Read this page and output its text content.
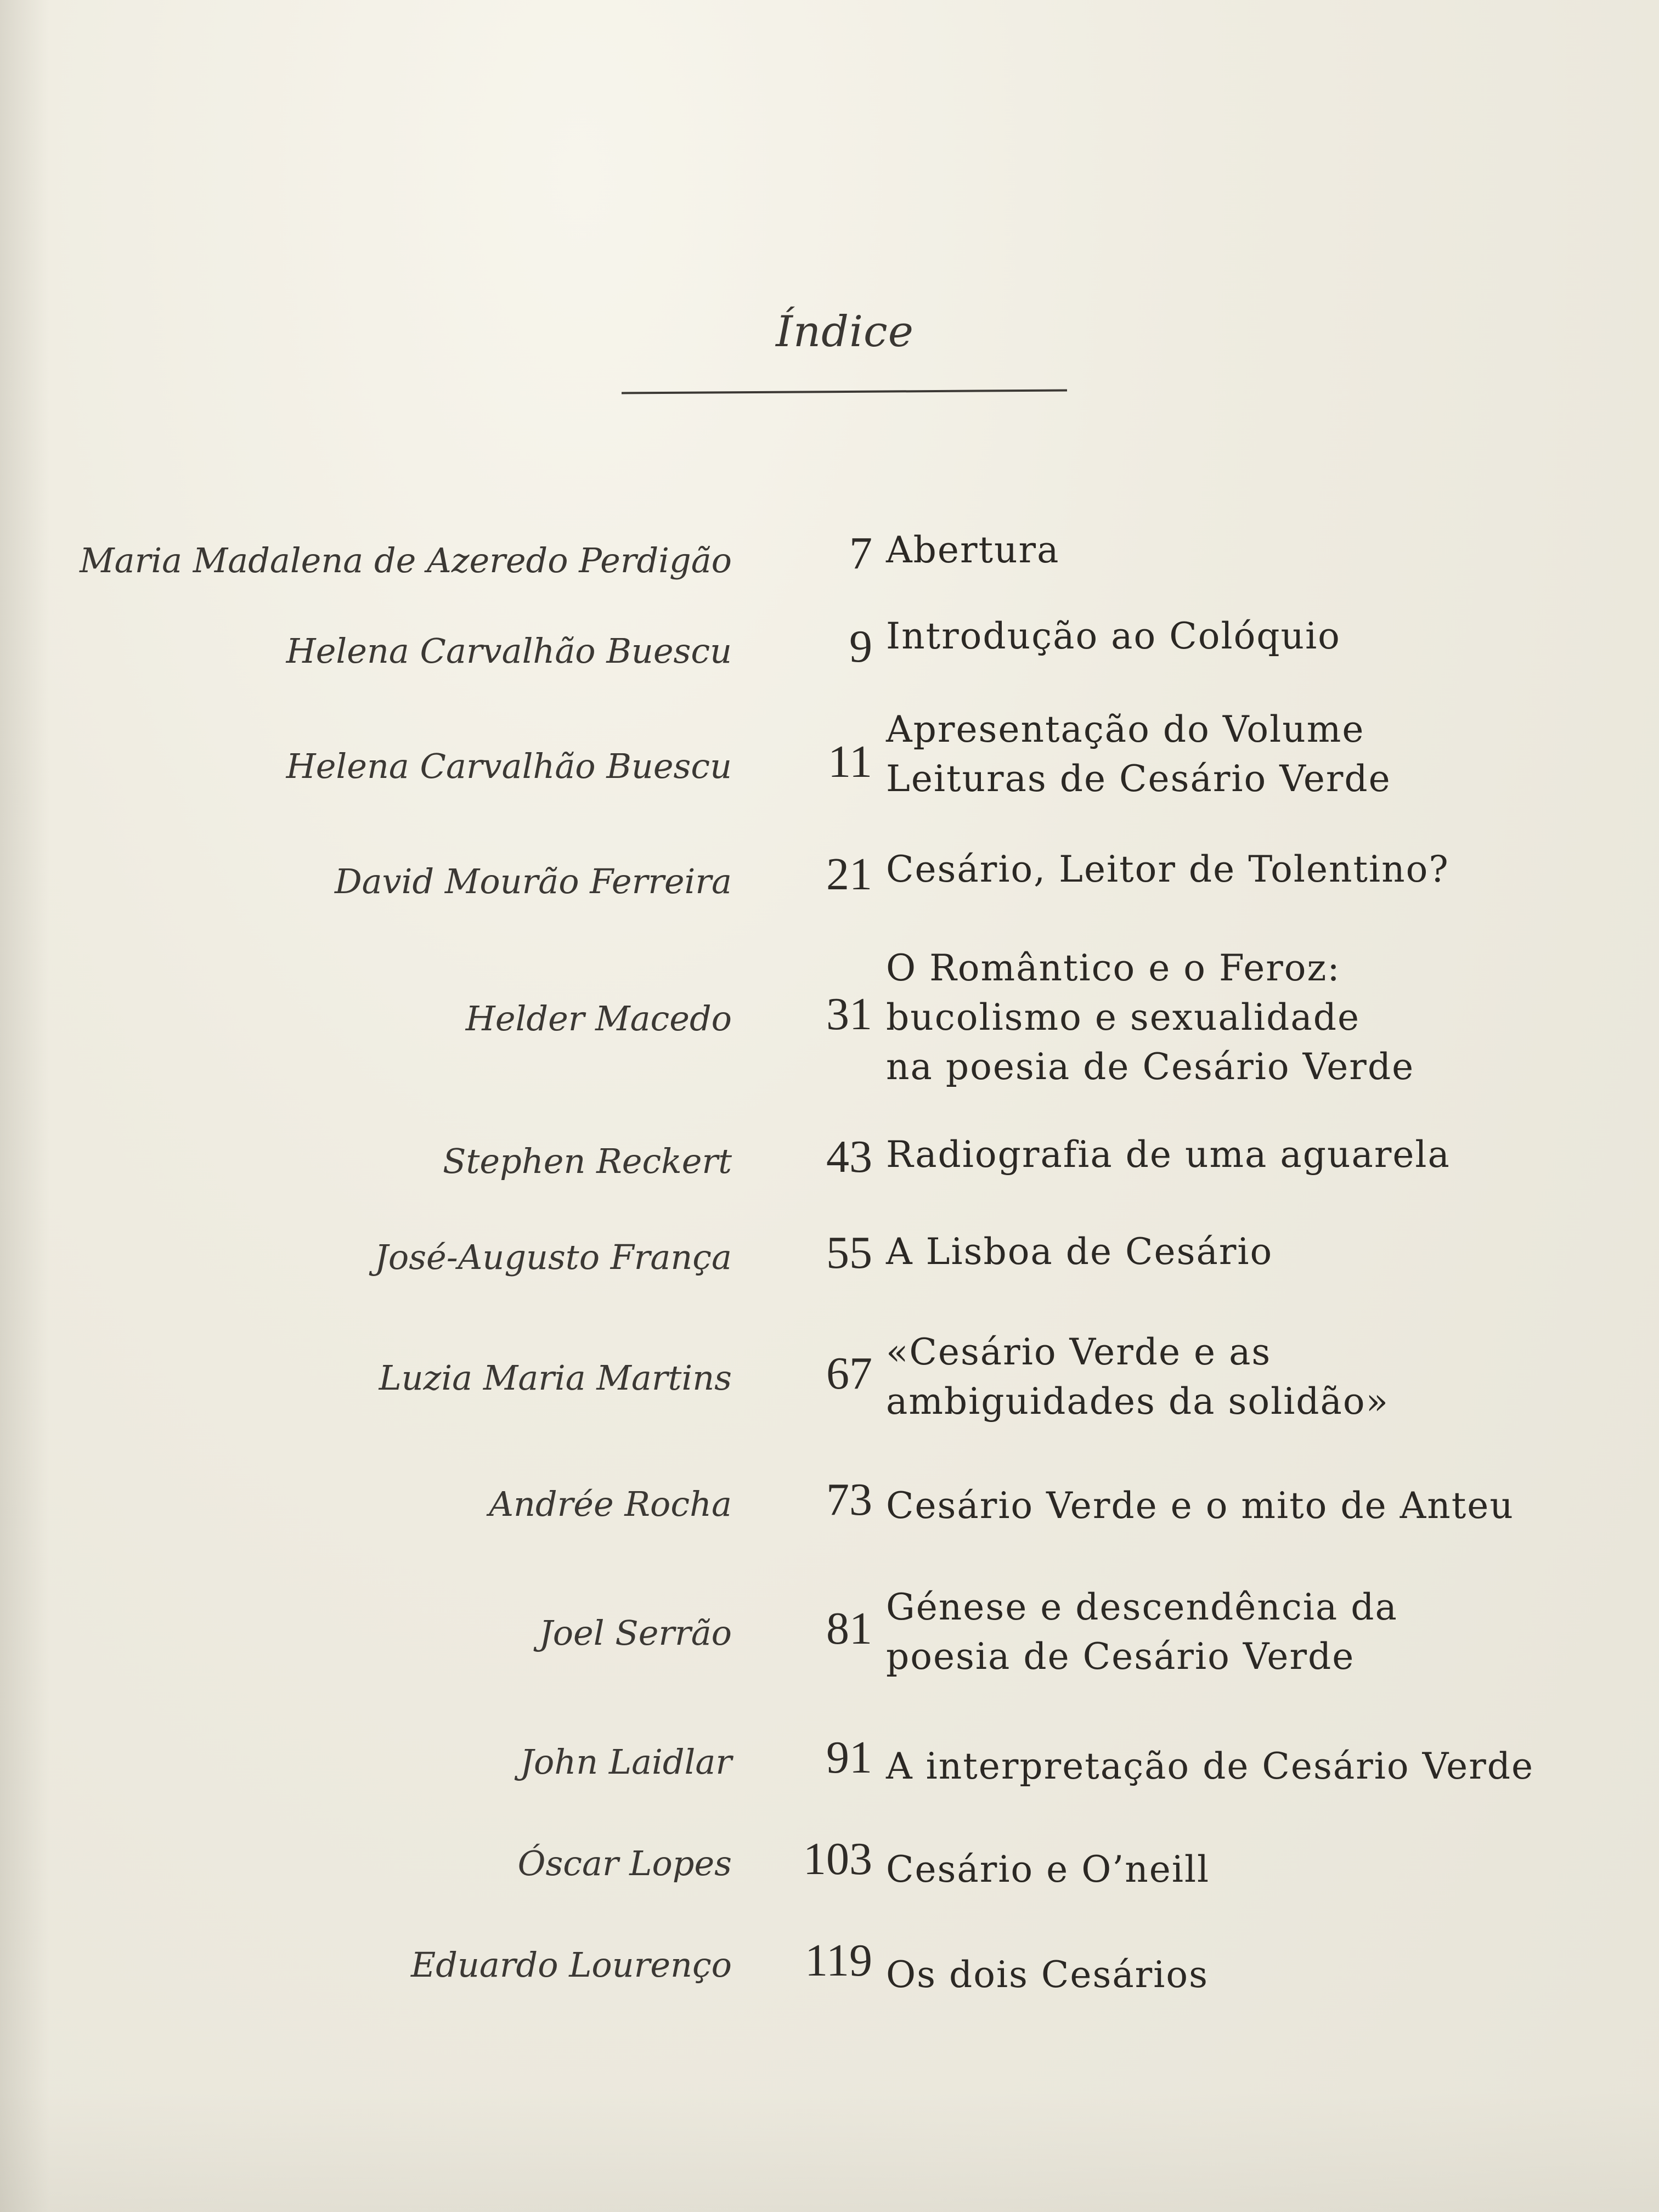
Índice
Maria Madalena de Azeredo Perdigão	7 Abertura
Helena Carvalhão Buescu	9 Introdução ao Colóquio
Helena Carvalhão Buescu	11
Apresentação do Volume
Leituras de Cesário Verde
David Mourão Ferreira	21 Cesário, Leitor de Tolentino?
Helder Macedo	31
O Romântico e o Feroz:
bucolismo e sexualidade
na poesia de Cesário Verde
Stephen Reckert	43 Radiografia de uma aguarela
José-Augusto França	55 A Lisboa de Cesário
Luzia Maria Martins	67 «Cesário Verde e as
ambiguidades da solidão»
Andrée Rocha	73 Cesário Verde e o mito de Anteu
Joel Serrão	81 Génese e descendência da
poesia de Cesário Verde
John Laidlar	91 A interpretação de Cesário Verde
Óscar Lopes	103 Cesário e O’neill
Eduardo Lourenço	119 Os dois Cesários
